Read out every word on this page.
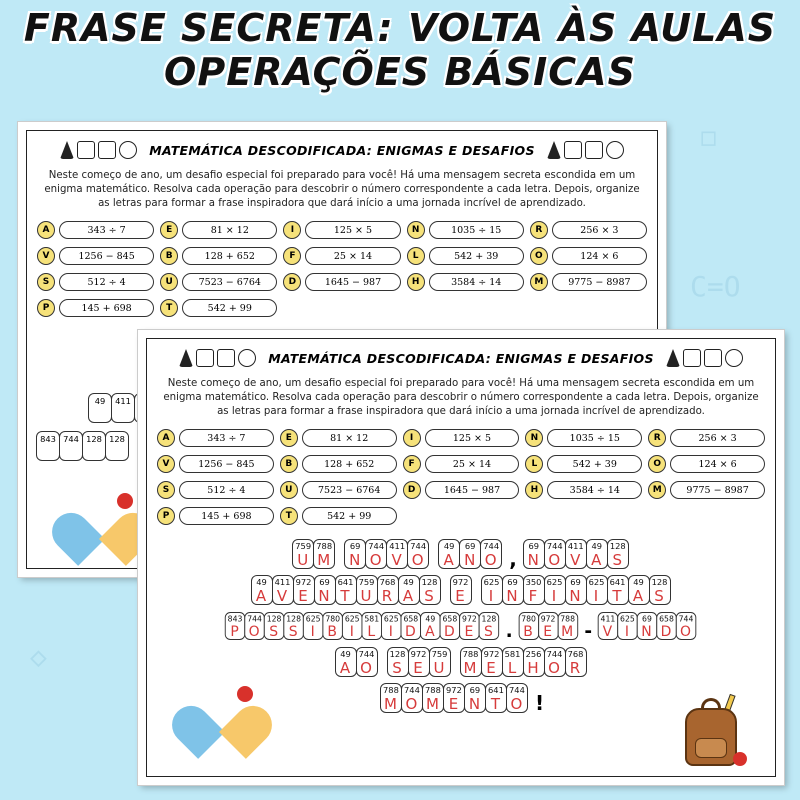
C=O
◇
◻
FRASE SECRETA: VOLTA ÀS AULAS
OPERAÇÕES BÁSICAS
MATEMÁTICA DESCODIFICADA: ENIGMAS E DESAFIOS
Neste começo de ano, um desafio especial foi preparado para você! Há uma mensagem secreta escondida em um enigma matemático. Resolva cada operação para descobrir o número correspondente a cada letra. Depois, organize as letras para formar a frase inspiradora que dará início a uma jornada incrível de aprendizado.
A	343 ÷ 7	E	81 × 12	I	125 × 5	N	1035 ÷ 15	R	256 × 3
V	1256 − 845	B	128 + 652	F	25 × 14	L	542 + 39	O	124 × 6
S	512 ÷ 4	U	7523 − 6764	D	1645 − 987	H	3584 ÷ 14	M	9775 − 8987
P	145 + 698	T	542 + 99
49	411
843 744 128 128
MATEMÁTICA DESCODIFICADA: ENIGMAS E DESAFIOS
Neste começo de ano, um desafio especial foi preparado para você! Há uma mensagem secreta escondida em um enigma matemático. Resolva cada operação para descobrir o número correspondente a cada letra. Depois, organize as letras para formar a frase inspiradora que dará início a uma jornada incrível de aprendizado.
A	343 ÷ 7	E	81 × 12	I	125 × 5	N	1035 ÷ 15	R	256 × 3
V	1256 − 845	B	128 + 652	F	25 × 14	L	542 + 39	O	124 × 6
S	512 ÷ 4	U	7523 − 6764	D	1645 − 987	H	3584 ÷ 14	M	9775 − 8987
P	145 + 698	T	542 + 99
759
U
788
M
69
N
744
O
411
V
744
O
49
A
69
N
744
O ,
69
N
744
O
411
V
49
A
128
S
49
A
411
V
972
E
69
N
641
T
759
U
768
R
49
A
128
S
972
E
625
I
69
N
350
F
625
I
69
N
625
I
641
T
49
A
128
S
843
P
744
O
128
S
128
S
625
I
780
B
625
I
581
L
625
I
658
D
49
A
658
D
972
E
128
S .
780
B
972
E
788
M -
411
V
625
I
69
N
658
D
744
O
49
A
744
O
128
S
972
E
759
U
788
M
972
E
581
L
256
H
744
O
768
R
788
M
744
O
788
M
972
E
69
N
641
T
744
O !
